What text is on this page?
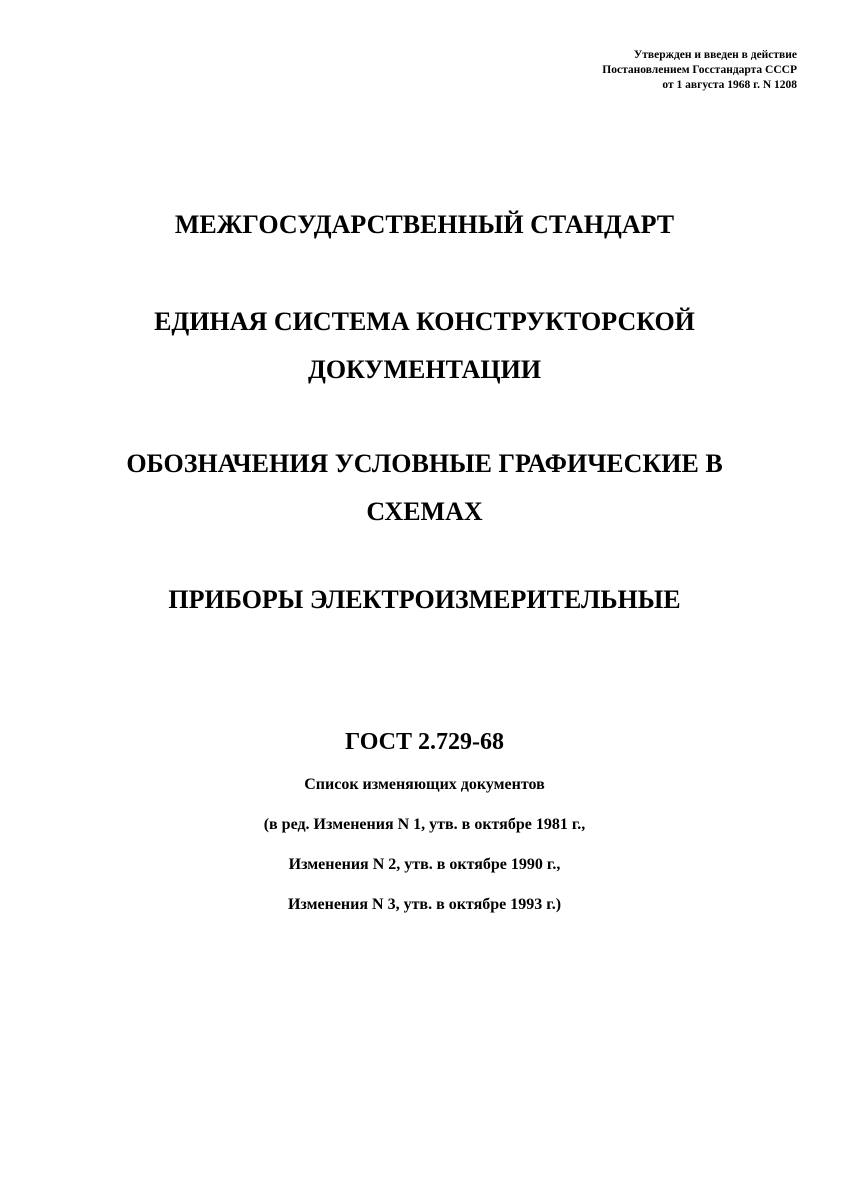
Утвержден и введен в действие
Постановлением Госстандарта СССР
от 1 августа 1968 г. N 1208
МЕЖГОСУДАРСТВЕННЫЙ СТАНДАРТ
ЕДИНАЯ СИСТЕМА КОНСТРУКТОРСКОЙ
ДОКУМЕНТАЦИИ
ОБОЗНАЧЕНИЯ УСЛОВНЫЕ ГРАФИЧЕСКИЕ В
СХЕМАХ
ПРИБОРЫ ЭЛЕКТРОИЗМЕРИТЕЛЬНЫЕ
ГОСТ 2.729-68
Список изменяющих документов
(в ред. Изменения N 1, утв. в октябре 1981 г.,
Изменения N 2, утв. в октябре 1990 г.,
Изменения N 3, утв. в октябре 1993 г.)
